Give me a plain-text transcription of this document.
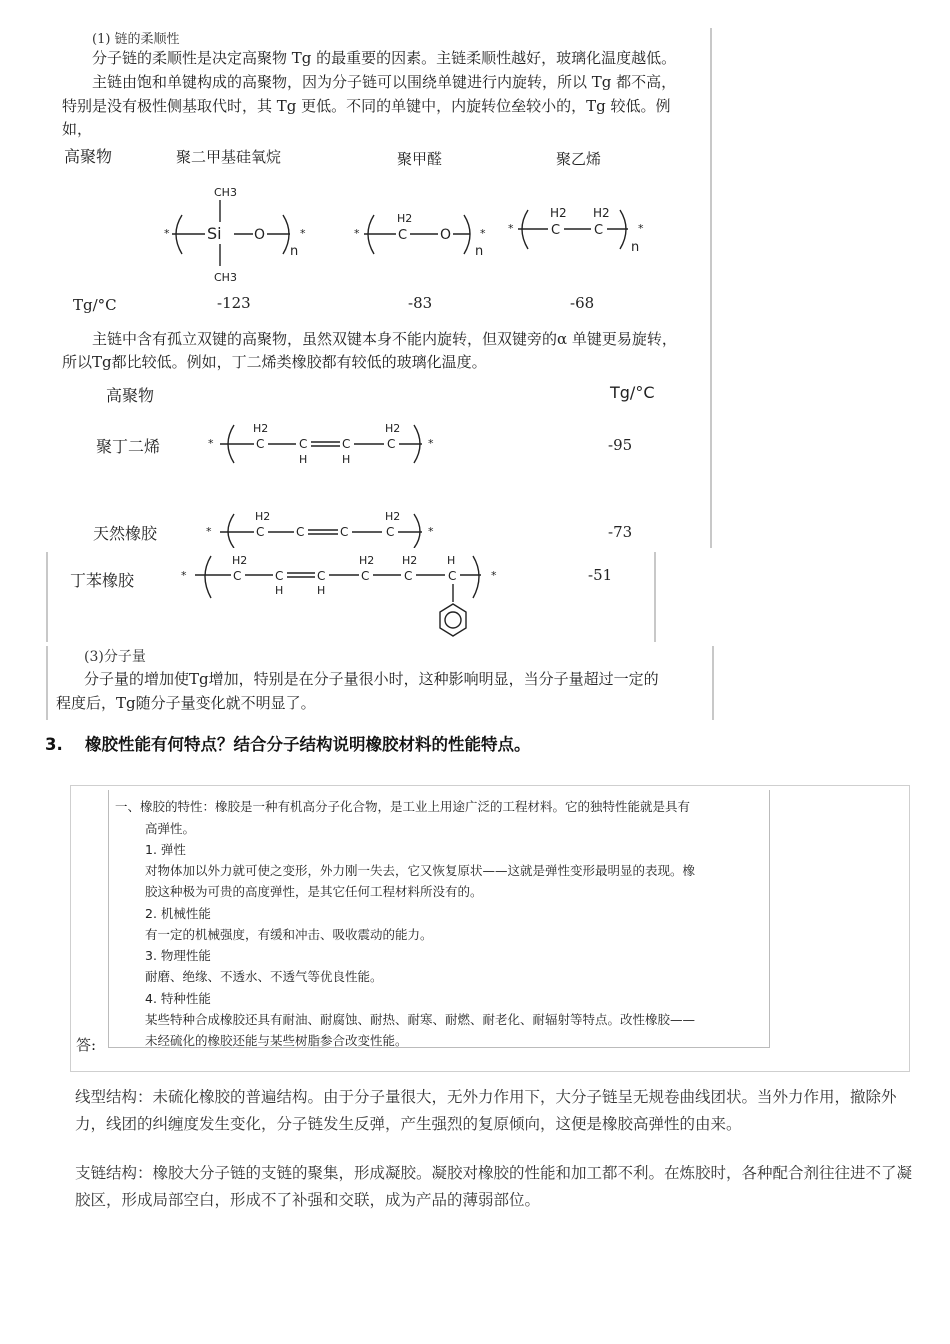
(1) 链的柔顺性
分子链的柔顺性是决定高聚物 Tg 的最重要的因素。主链柔顺性越好，玻璃化温度越低。
主链由饱和单键构成的高聚物，因为分子链可以围绕单键进行内旋转，所以 Tg 都不高，
特别是没有极性侧基取代时，其 Tg 更低。不同的单键中，内旋转位垒较小的，Tg 较低。例
如，
高聚物	聚二甲基硅氧烷	聚甲醛	聚乙烯
* Si
CH3
CH3
O
n
*	*
H2
C O
n
* *
H2
C
H2
C
n
*
Tg/°C	-123	-83	-68
主链中含有孤立双键的高聚物，虽然双键本身不能内旋转，但双键旁的α 单键更易旋转，
所以Tg都比较低。例如，丁二烯类橡胶都有较低的玻璃化温度。
高聚物	Tg/°C
聚丁二烯	-95
*
H2
C	C
H
C
H
H2
C	*
天然橡胶	-73
*
H2
C	C	C
H2
C	*
丁苯橡胶	-51
*
H2
C	C
H
C
H
H2
C
H2
C
H
C	*
(3)分子量
分子量的增加使Tg增加，特别是在分子量很小时，这种影响明显，当分子量超过一定的
程度后，Tg随分子量变化就不明显了。
3. 橡胶性能有何特点？结合分子结构说明橡胶材料的性能特点。
答:
一、橡胶的特性：橡胶是一种有机高分子化合物，是工业上用途广泛的工程材料。它的独特性能就是具有
高弹性。
1. 弹性
对物体加以外力就可使之变形，外力刚一失去，它又恢复原状——这就是弹性变形最明显的表现。橡
胶这种极为可贵的高度弹性，是其它任何工程材料所没有的。
2. 机械性能
有一定的机械强度，有缓和冲击、吸收震动的能力。
3. 物理性能
耐磨、绝缘、不透水、不透气等优良性能。
4. 特种性能
某些特种合成橡胶还具有耐油、耐腐蚀、耐热、耐寒、耐燃、耐老化、耐辐射等特点。改性橡胶——
未经硫化的橡胶还能与某些树脂参合改变性能。
线型结构：未硫化橡胶的普遍结构。由于分子量很大，无外力作用下，大分子链呈无规卷曲线团状。当外力作用，撤除外力，线团的纠缠度发生变化，分子链发生反弹，产生强烈的复原倾向，这便是橡胶高弹性的由来。
支链结构：橡胶大分子链的支链的聚集，形成凝胶。凝胶对橡胶的性能和加工都不利。在炼胶时，各种配合剂往往进不了凝胶区，形成局部空白，形成不了补强和交联，成为产品的薄弱部位。
